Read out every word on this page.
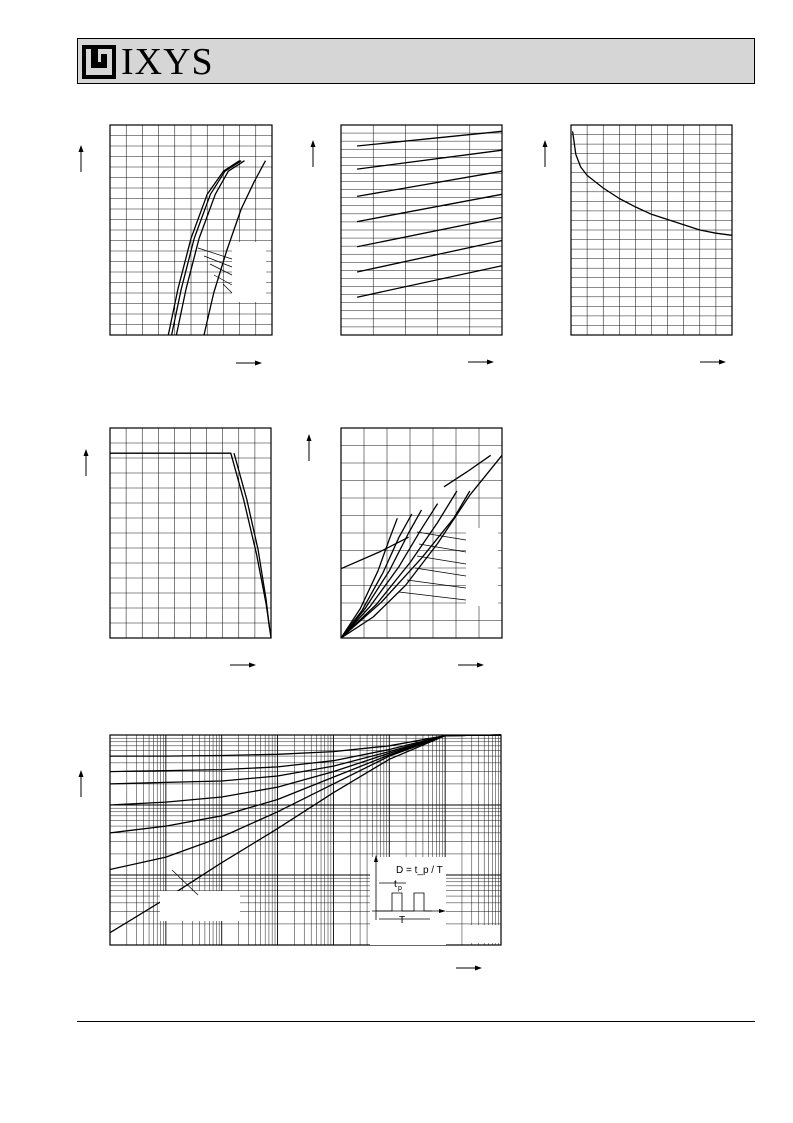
IXYS
D = t_p / T
t p
T
